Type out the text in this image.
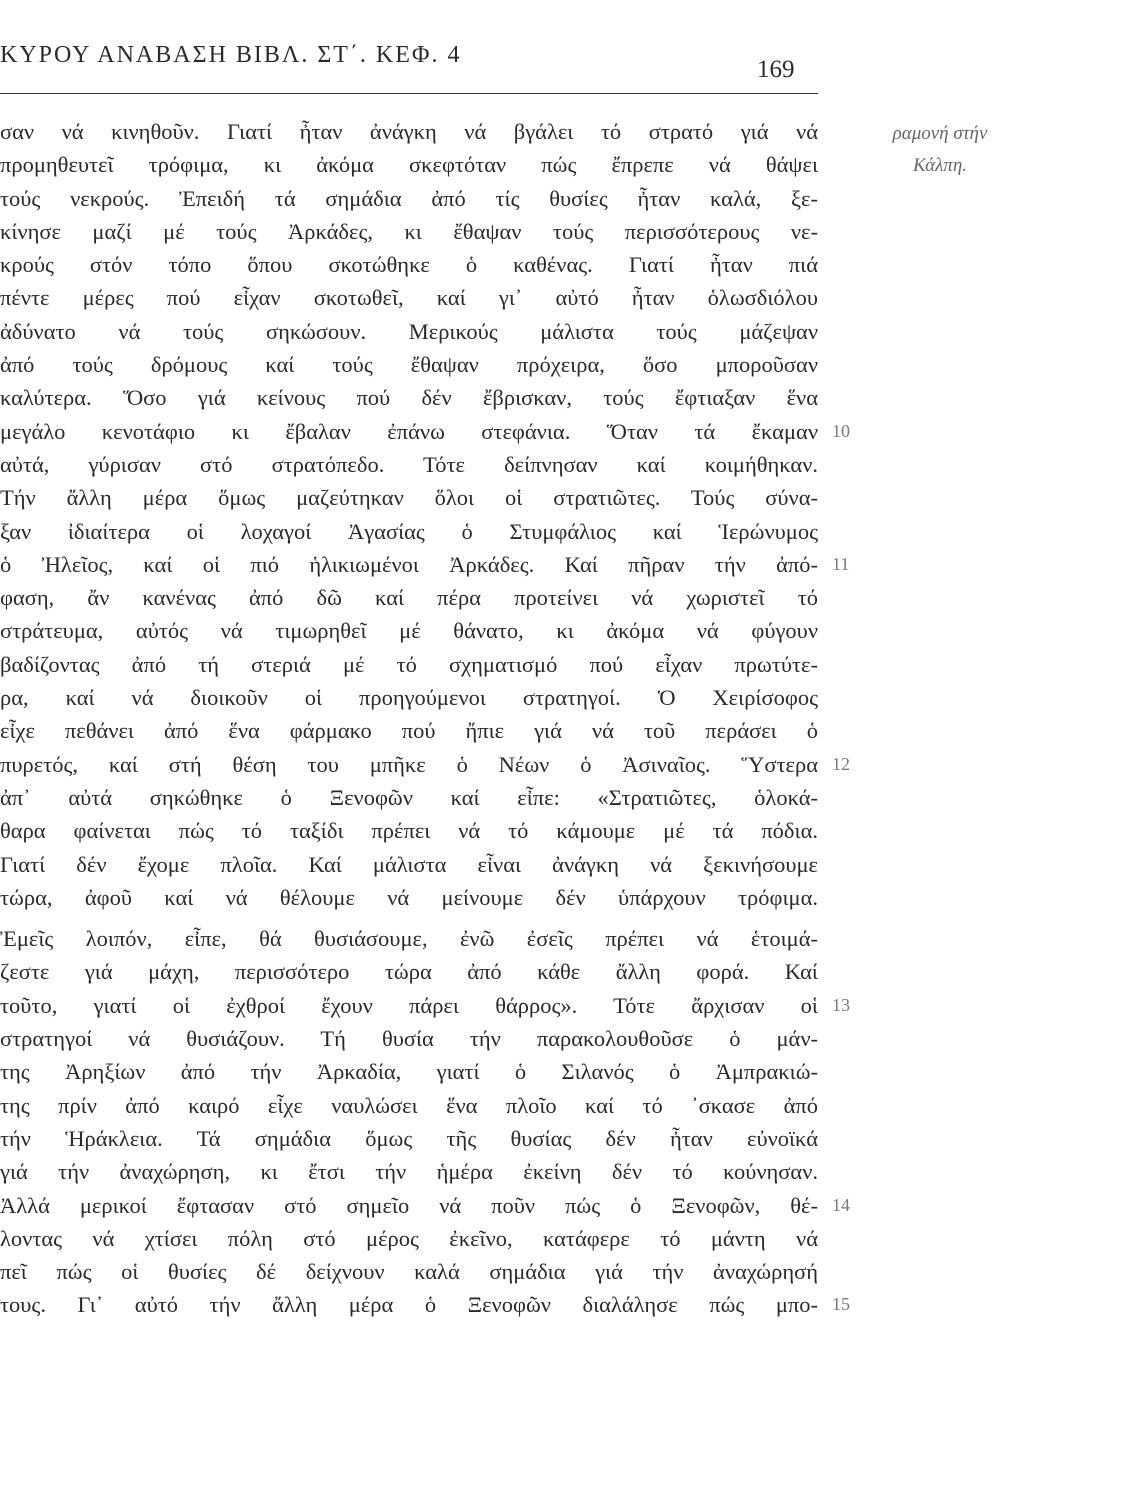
ΚΥΡΟΥ ΑΝΑΒΑΣΗ ΒΙΒΛ. ΣΤ΄. ΚΕΦ. 4
169
ραμονή στήν
Κάλπη.
σαν νά κινηθοῦν. Γιατί ἦταν ἀνάγκη νά βγάλει τό στρατό γιά νά
προμηθευτεῖ τρόφιμα, κι ἀκόμα σκεφτόταν πώς ἔπρεπε νά θάψει
τούς νεκρούς. Ἐπειδή τά σημάδια ἀπό τίς θυσίες ἦταν καλά, ξε-
κίνησε μαζί μέ τούς Ἀρκάδες, κι ἔθαψαν τούς περισσότερους νε-
κρούς στόν τόπο ὅπου σκοτώθηκε ὁ καθένας. Γιατί ἦταν πιά
πέντε μέρες πού εἶχαν σκοτωθεῖ, καί γι᾽ αὐτό ἦταν ὁλωσδιόλου
ἀδύνατο νά τούς σηκώσουν. Μερικούς μάλιστα τούς μάζεψαν
ἀπό τούς δρόμους καί τούς ἔθαψαν πρόχειρα, ὅσο μποροῦσαν
καλύτερα. Ὅσο γιά κείνους πού δέν ἔβρισκαν, τούς ἔφτιαξαν ἕνα
μεγάλο κενοτάφιο κι ἔβαλαν ἐπάνω στεφάνια. Ὅταν τά ἔκαμαν 10
αὐτά, γύρισαν στό στρατόπεδο. Τότε δείπνησαν καί κοιμήθηκαν.
Τήν ἄλλη μέρα ὅμως μαζεύτηκαν ὅλοι οἱ στρατιῶτες. Τούς σύνα-
ξαν ἰδιαίτερα οἱ λοχαγοί Ἀγασίας ὁ Στυμφάλιος καί Ἱερώνυμος
ὁ Ἠλεῖος, καί οἱ πιό ἡλικιωμένοι Ἀρκάδες. Καί πῆραν τήν ἀπό- 11
φαση, ἄν κανένας ἀπό δῶ καί πέρα προτείνει νά χωριστεῖ τό
στράτευμα, αὐτός νά τιμωρηθεῖ μέ θάνατο, κι ἀκόμα νά φύγουν
βαδίζοντας ἀπό τή στεριά μέ τό σχηματισμό πού εἶχαν πρωτύτε-
ρα, καί νά διοικοῦν οἱ προηγούμενοι στρατηγοί. Ὁ Χειρίσοφος
εἶχε πεθάνει ἀπό ἕνα φάρμακο πού ἤπιε γιά νά τοῦ περάσει ὁ
πυρετός, καί στή θέση του μπῆκε ὁ Νέων ὁ Ἀσιναῖος. Ὕστερα 12
ἀπ᾽ αὐτά σηκώθηκε ὁ Ξενοφῶν καί εἶπε: «Στρατιῶτες, ὁλοκά-
θαρα φαίνεται πώς τό ταξίδι πρέπει νά τό κάμουμε μέ τά πόδια.
Γιατί δέν ἔχομε πλοῖα. Καί μάλιστα εἶναι ἀνάγκη νά ξεκινήσουμε
τώρα, ἀφοῦ καί νά θέλουμε νά μείνουμε δέν ὑπάρχουν τρόφιμα.
Ἐμεῖς λοιπόν, εἶπε, θά θυσιάσουμε, ἐνῶ ἐσεῖς πρέπει νά ἑτοιμά-
ζεστε γιά μάχη, περισσότερο τώρα ἀπό κάθε ἄλλη φορά. Καί
τοῦτο, γιατί οἱ ἐχθροί ἔχουν πάρει θάρρος». Τότε ἄρχισαν οἱ 13
στρατηγοί νά θυσιάζουν. Τή θυσία τήν παρακολουθοῦσε ὁ μάν-
της Ἀρηξίων ἀπό τήν Ἀρκαδία, γιατί ὁ Σιλανός ὁ Ἀμπρακιώ-
της πρίν ἀπό καιρό εἶχε ναυλώσει ἕνα πλοῖο καί τό ᾽σκασε ἀπό
τήν Ἡράκλεια. Τά σημάδια ὅμως τῆς θυσίας δέν ἦταν εὐνοϊκά
γιά τήν ἀναχώρηση, κι ἔτσι τήν ἡμέρα ἐκείνη δέν τό κούνησαν.
Ἀλλά μερικοί ἔφτασαν στό σημεῖο νά ποῦν πώς ὁ Ξενοφῶν, θέ- 14
λοντας νά χτίσει πόλη στό μέρος ἐκεῖνο, κατάφερε τό μάντη νά
πεῖ πώς οἱ θυσίες δέ δείχνουν καλά σημάδια γιά τήν ἀναχώρησή
τους. Γι᾽ αὐτό τήν ἄλλη μέρα ὁ Ξενοφῶν διαλάλησε πώς μπο- 15
